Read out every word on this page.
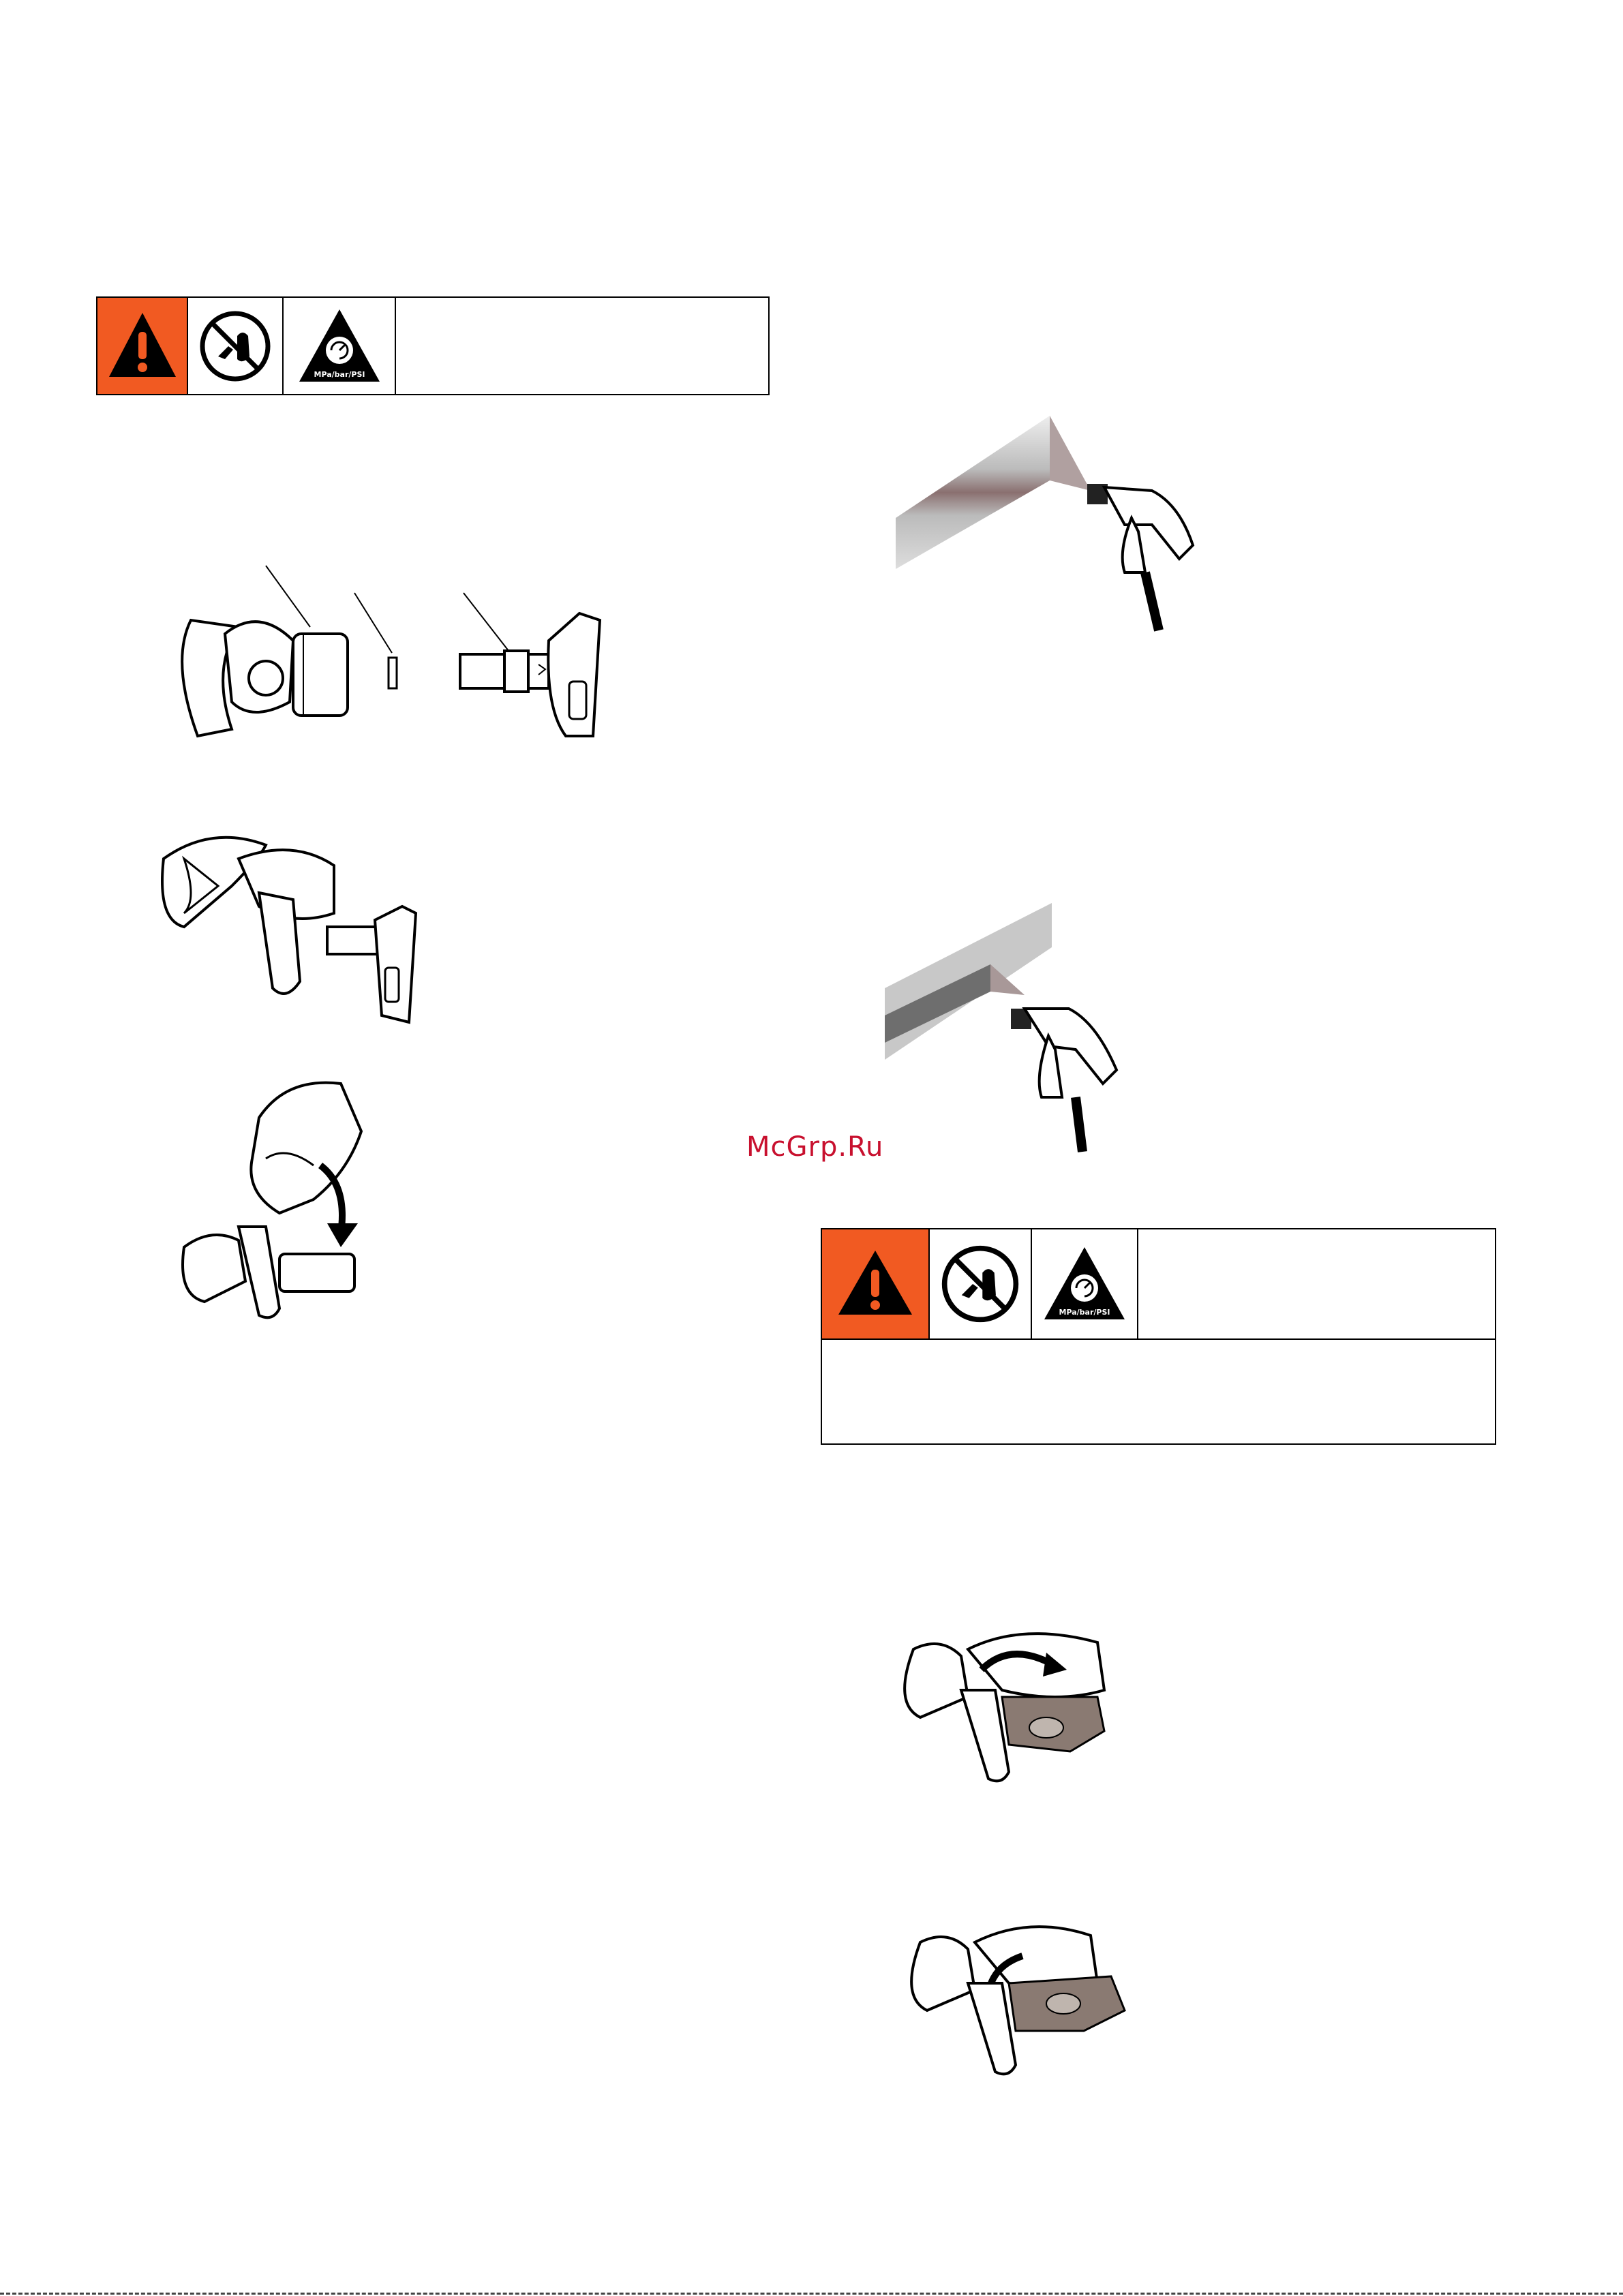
MPa/bar/PSI
McGrp.Ru
MPa/bar/PSI
